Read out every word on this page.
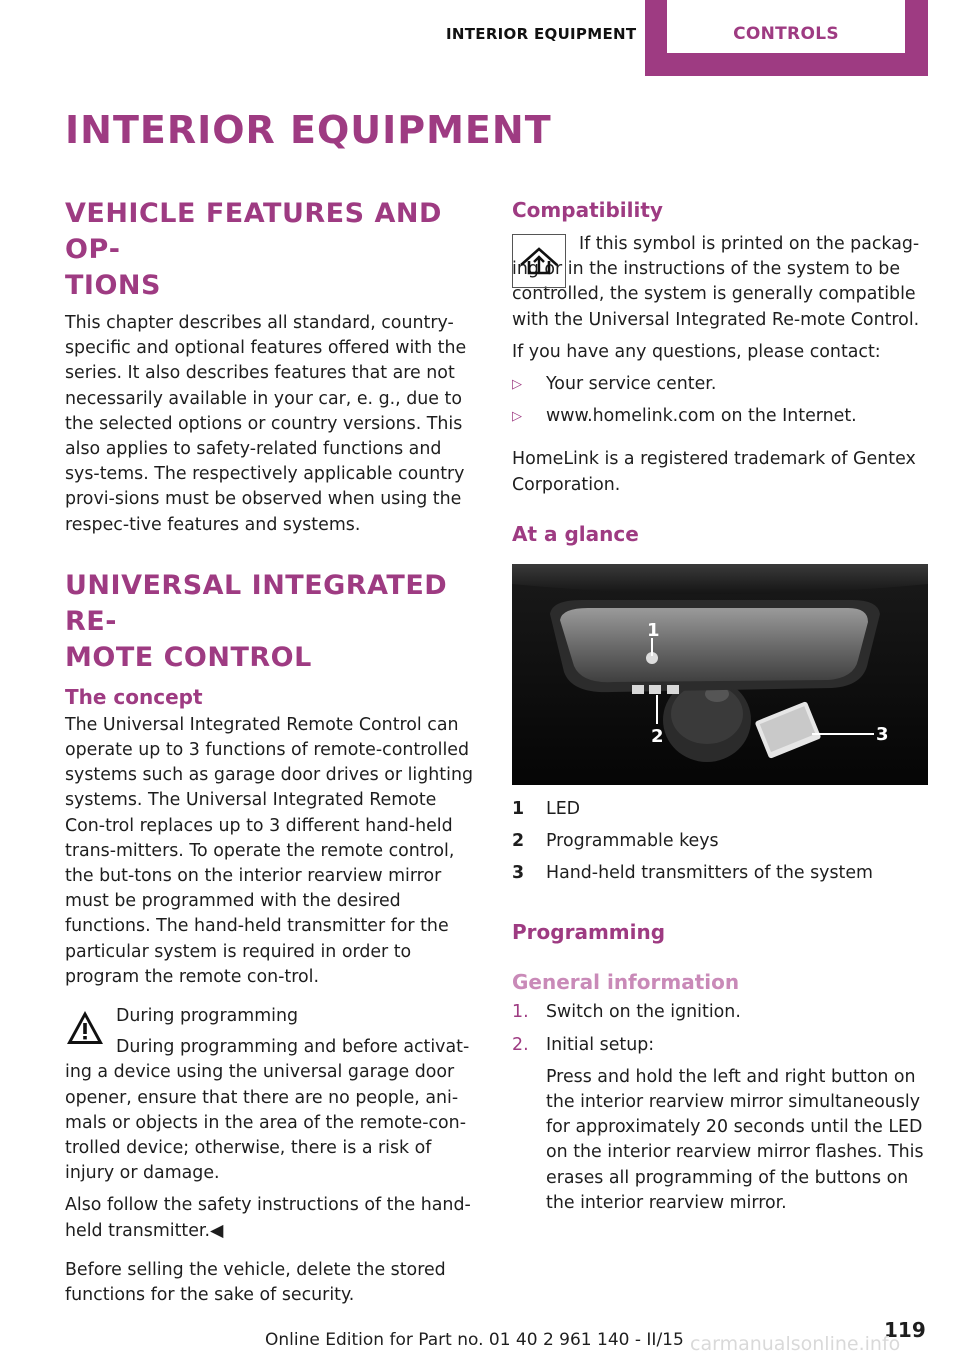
INTERIOR EQUIPMENT	CONTROLS
INTERIOR EQUIPMENT
VEHICLE FEATURES AND OP‐
TIONS

This chapter describes all standard, country-specific and optional features offered with the series. It also describes features that are not necessarily available in your car, e. g., due to the selected options or country versions. This also applies to safety-related functions and sys‐tems. The respectively applicable country provi‐sions must be observed when using the respec‐tive features and systems.

UNIVERSAL INTEGRATED RE‐
MOTE CONTROL
The concept

The Universal Integrated Remote Control can operate up to 3 functions of remote-controlled systems such as garage door drives or lighting systems. The Universal Integrated Remote Con‐trol replaces up to 3 different hand-held trans‐mitters. To operate the remote control, the but‐tons on the interior rearview mirror must be programmed with the desired functions. The hand-held transmitter for the particular system is required in order to program the remote con‐trol.

During programming

During programming and before activat‐ing a device using the universal garage door opener, ensure that there are no people, ani‐mals or objects in the area of the remote-con‐trolled device; otherwise, there is a risk of injury or damage.

Also follow the safety instructions of the hand-held transmitter.◀

Before selling the vehicle, delete the stored functions for the sake of security.

Compatibility

If this symbol is printed on the packag‐ing or in the instructions of the system to be controlled, the system is generally compatible with the Universal Integrated Re‐mote Control.

If you have any questions, please contact:

▷ Your service center.

▷ www.homelink.com on the Internet.

HomeLink is a registered trademark of Gentex Corporation.

At a glance
1
2	3
1 LED

2 Programmable keys

3 Hand-held transmitters of the system

Programming
General information
1. Switch on the ignition.

2. Initial setup:

Press and hold the left and right button on the interior rearview mirror simultaneously for approximately 20 seconds until the LED on the interior rearview mirror flashes. This erases all programming of the buttons on the interior rearview mirror.

119
Online Edition for Part no. 01 40 2 961 140 - II/15 carmanualsonline.info
